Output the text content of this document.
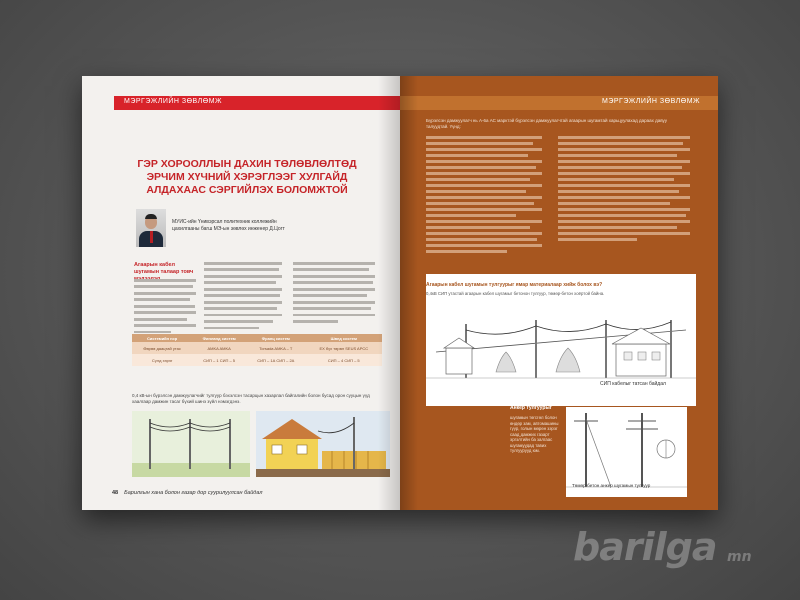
МЭРГЭЖЛИЙН ЗӨВЛӨМЖ
ГЭР ХОРООЛЛЫН ДАХИН ТӨЛӨВЛӨЛТӨД ЭРЧИМ ХҮЧНИЙ ХЭРЭГЛЭЭГ ХУЛГАЙД АЛДАХААС СЭРГИЙЛЭХ БОЛОМЖТОЙ
МУИС-ийн Үнивэрсал политехник коллежийн цахилгааны багш МЭ-ын зөвлөх инженер Д.Цогт
Агаарын кабел шугамын талаар товч
Системийн нэр	Финланд систем	Франц систем	Швед систем
Өөрөө даацтай утас	AMKA AMKA	Torsada AMKA – T	ЕХ бүх төрөл SEUS APCC
Сүлд хэрэг	СИП – 1 СИП – 5	СИП – 1А СИП – 2А	СИП – 4 СИП – 5
0,4 кВ-ын бүрэлсэн дамжуулагчийг тулгуур бэхэлсэн тасарцын хазарлал байгалийн болон бусад орон сууцын үүд хаалгаар дамжин тасаг бүхий шинэ зүйл нэмэгдэнэ.
48 Барилгын хана болон газар дор суурилуулсан байдал
МЭРГЭЖЛИЙН ЗӨВЛӨМЖ
Бүрэлсэн дамжуулагч нь А-6а АС марктэй бүрэлсэн дамжуулагчтай агаарын шугамтай харьцуулахад дараах давуу талуудтай. Үүнд:
Агаарын кабел шугамын тулгуурыг ямар материалаар хийж болох вэ?
0,4кВ СИП утастай агаарын кабел шугамыг бетонон тулгуур, төмөр-бетон хоёртой байна.
СИП кабелыг татсан байдал
Анкер тулгуурыг
шугамын төгсгөл болон өндөр зам, автомашины гүүр, голын мөрөн зэрэг саад дамжих газарт эргэлтийн ба залгаас шугамуудад тавих тулгуурууд юм.
Төмөр-бетон анкер шугамын тулгуур
barilga mn
